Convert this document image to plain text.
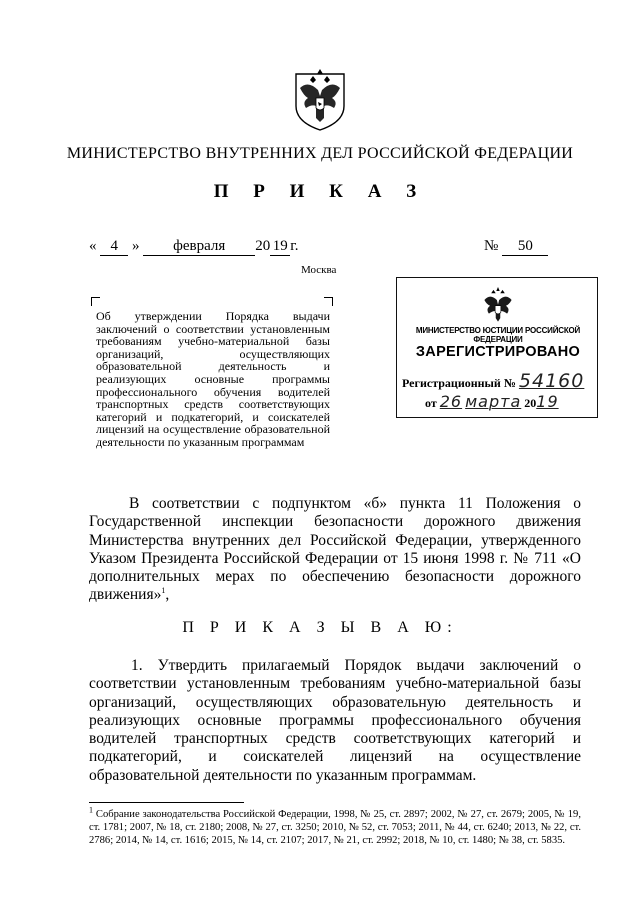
МИНИСТЕРСТВО ВНУТРЕННИХ ДЕЛ РОССИЙСКОЙ ФЕДЕРАЦИИ
П Р И К А З
« 4 » февраля 20 19 г.
Москва
№ 50
Об утверждении Порядка выдачи заключений о соответствии установленным требованиям учебно-материальной базы организаций, осуществляющих образовательной деятельность и реализующих основные программы профессионального обучения водителей транспортных средств соответствующих категорий и подкатегорий, и соискателей лицензий на осуществление образовательной деятельности по указанным программам
МИНИСТЕРСТВО ЮСТИЦИИ РОССИЙСКОЙ ФЕДЕРАЦИИ
ЗАРЕГИСТРИРОВАНО
Регистрационный № 54160
от 26 марта 2019
В соответствии с подпунктом «б» пункта 11 Положения о Государственной инспекции безопасности дорожного движения Министерства внутренних дел Российской Федерации, утвержденного Указом Президента Российской Федерации от 15 июня 1998 г. № 711 «О дополнительных мерах по обеспечению безопасности дорожного движения»$^1$,
П Р И К А З Ы В А Ю:
1. Утвердить прилагаемый Порядок выдачи заключений о соответствии установленным требованиям учебно-материальной базы организаций, осуществляющих образовательную деятельность и реализующих основные программы профессионального обучения водителей транспортных средств соответствующих категорий и подкатегорий, и соискателей лицензий на осуществление образовательной деятельности по указанным программам.
$^1$ Собрание законодательства Российской Федерации, 1998, № 25, ст. 2897; 2002, № 27, ст. 2679; 2005, № 19, ст. 1781; 2007, № 18, ст. 2180; 2008, № 27, ст. 3250; 2010, № 52, ст. 7053; 2011, № 44, ст. 6240; 2013, № 22, ст. 2786; 2014, № 14, ст. 1616; 2015, № 14, ст. 2107; 2017, № 21, ст. 2992; 2018, № 10, ст. 1480; № 38, ст. 5835.
